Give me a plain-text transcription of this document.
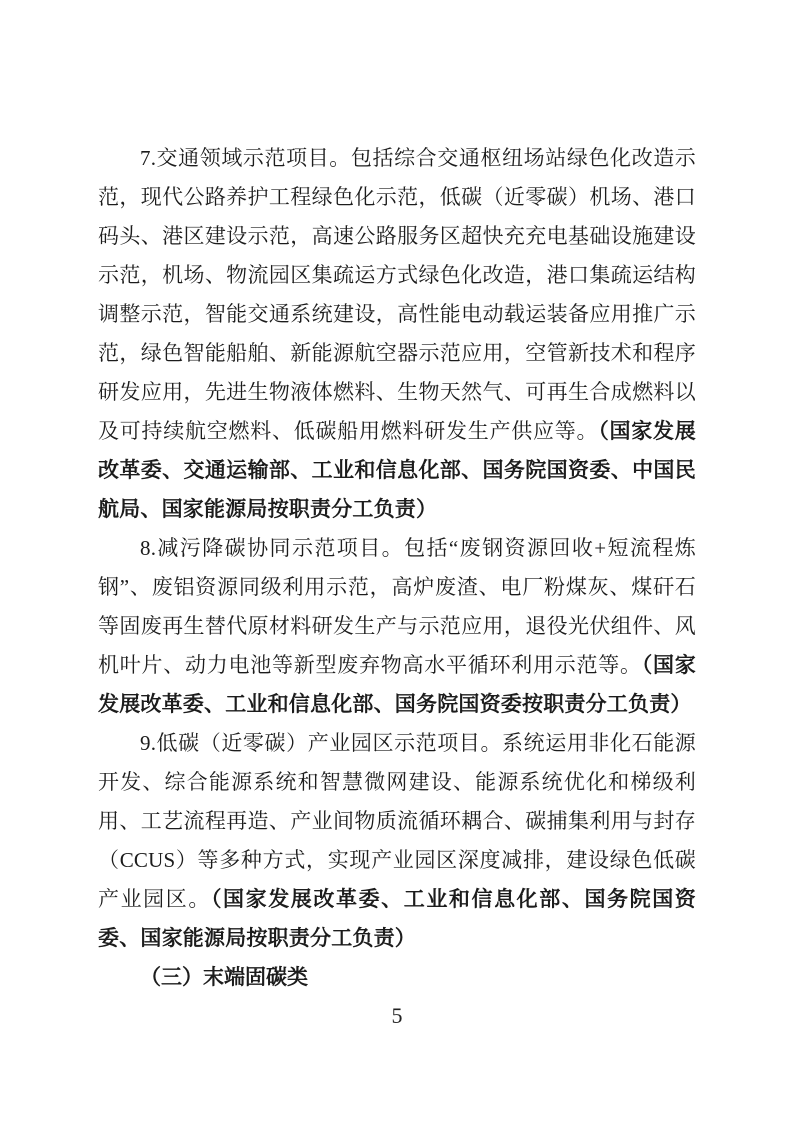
7.交通领域示范项目。包括综合交通枢纽场站绿色化改造示范，现代公路养护工程绿色化示范，低碳（近零碳）机场、港口码头、港区建设示范，高速公路服务区超快充充电基础设施建设示范，机场、物流园区集疏运方式绿色化改造，港口集疏运结构调整示范，智能交通系统建设，高性能电动载运装备应用推广示范，绿色智能船舶、新能源航空器示范应用，空管新技术和程序研发应用，先进生物液体燃料、生物天然气、可再生合成燃料以及可持续航空燃料、低碳船用燃料研发生产供应等。（国家发展改革委、交通运输部、工业和信息化部、国务院国资委、中国民航局、国家能源局按职责分工负责）

8.减污降碳协同示范项目。包括“废钢资源回收+短流程炼钢”、废铝资源同级利用示范，高炉废渣、电厂粉煤灰、煤矸石等固废再生替代原材料研发生产与示范应用，退役光伏组件、风机叶片、动力电池等新型废弃物高水平循环利用示范等。（国家发展改革委、工业和信息化部、国务院国资委按职责分工负责）

9.低碳（近零碳）产业园区示范项目。系统运用非化石能源开发、综合能源系统和智慧微网建设、能源系统优化和梯级利用、工艺流程再造、产业间物质流循环耦合、碳捕集利用与封存（CCUS）等多种方式，实现产业园区深度减排，建设绿色低碳产业园区。（国家发展改革委、工业和信息化部、国务院国资委、国家能源局按职责分工负责）

（三）末端固碳类

5
